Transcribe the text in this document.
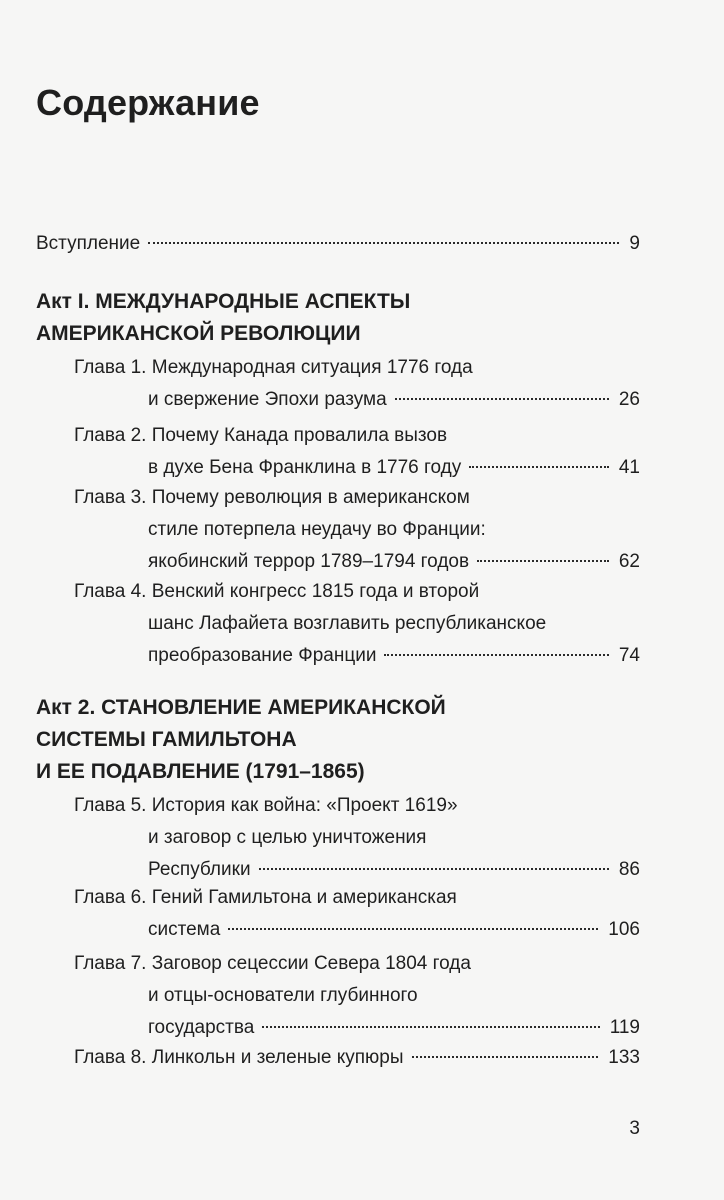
Содержание
Вступление	9
Акт I. МЕЖДУНАРОДНЫЕ АСПЕКТЫ
АМЕРИКАНСКОЙ РЕВОЛЮЦИИ
Глава 1. Международная ситуация 1776 года
и свержение Эпохи разума	26
Глава 2. Почему Канада провалила вызов
в духе Бена Франклина в 1776 году	41
Глава 3. Почему революция в американском
стиле потерпела неудачу во Франции:
якобинский террор 1789–1794 годов	62
Глава 4. Венский конгресс 1815 года и второй
шанс Лафайета возглавить республиканское
преобразование Франции	74
Акт 2. СТАНОВЛЕНИЕ АМЕРИКАНСКОЙ
СИСТЕМЫ ГАМИЛЬТОНА
И ЕЕ ПОДАВЛЕНИЕ (1791–1865)
Глава 5. История как война: «Проект 1619»
и заговор с целью уничтожения
Республики	86
Глава 6. Гений Гамильтона и американская
система	106
Глава 7. Заговор сецессии Севера 1804 года
и отцы-основатели глубинного
государства	119
Глава 8. Линкольн и зеленые купюры	133
3
